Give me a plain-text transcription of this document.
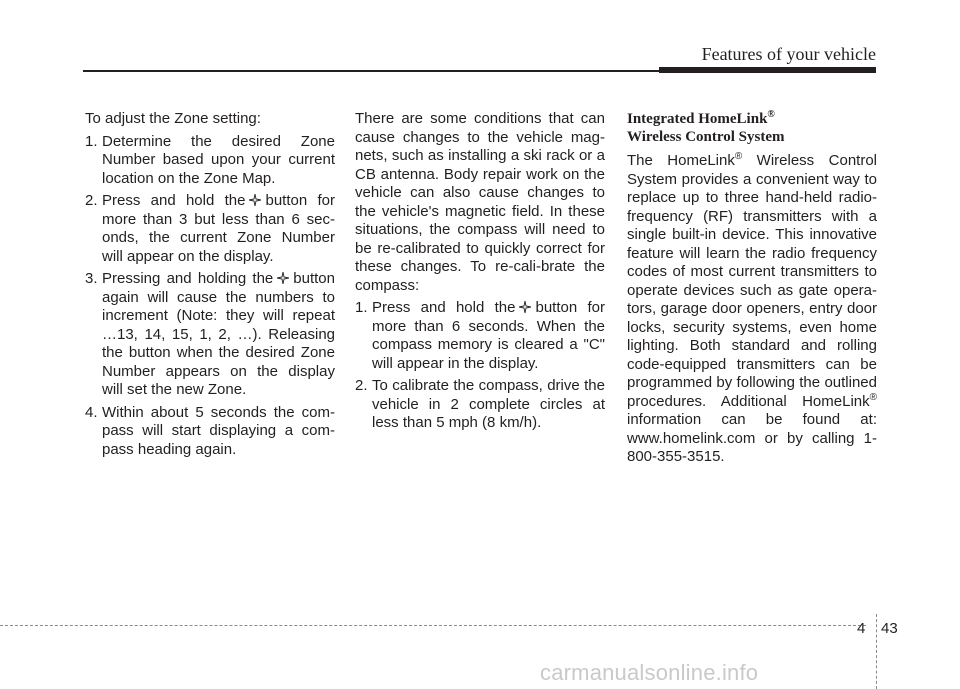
Features of your vehicle

To adjust the Zone setting:

1. Determine the desired Zone Number based upon your current location on the Zone Map.
2. Press and hold the button for more than 3 but less than 6 sec-onds, the current Zone Number will appear on the display.
3. Pressing and holding the button again will cause the numbers to increment (Note: they will repeat …13, 14, 15, 1, 2, …). Releasing the button when the desired Zone Number appears on the display will set the new Zone.
4. Within about 5 seconds the com-pass will start displaying a com-pass heading again.

There are some conditions that can cause changes to the vehicle mag-nets, such as installing a ski rack or a CB antenna. Body repair work on the vehicle can also cause changes to the vehicle's magnetic field. In these situations, the compass will need to be re-calibrated to quickly correct for these changes. To re-cali-brate the compass:

1. Press and hold the button for more than 6 seconds. When the compass memory is cleared a "C" will appear in the display.
2. To calibrate the compass, drive the vehicle in 2 complete circles at less than 5 mph (8 km/h).
Integrated HomeLink®
Wireless Control System

The HomeLink® Wireless Control System provides a convenient way to replace up to three hand-held radio-frequency (RF) transmitters with a single built-in device. This innovative feature will learn the radio frequency codes of most current transmitters to operate devices such as gate opera-tors, garage door openers, entry door locks, security systems, even home lighting. Both standard and rolling code-equipped transmitters can be programmed by following the outlined procedures. Additional HomeLink® information can be found at: www.homelink.com or by calling 1-800-355-3515.

4 43
carmanualsonline.info
